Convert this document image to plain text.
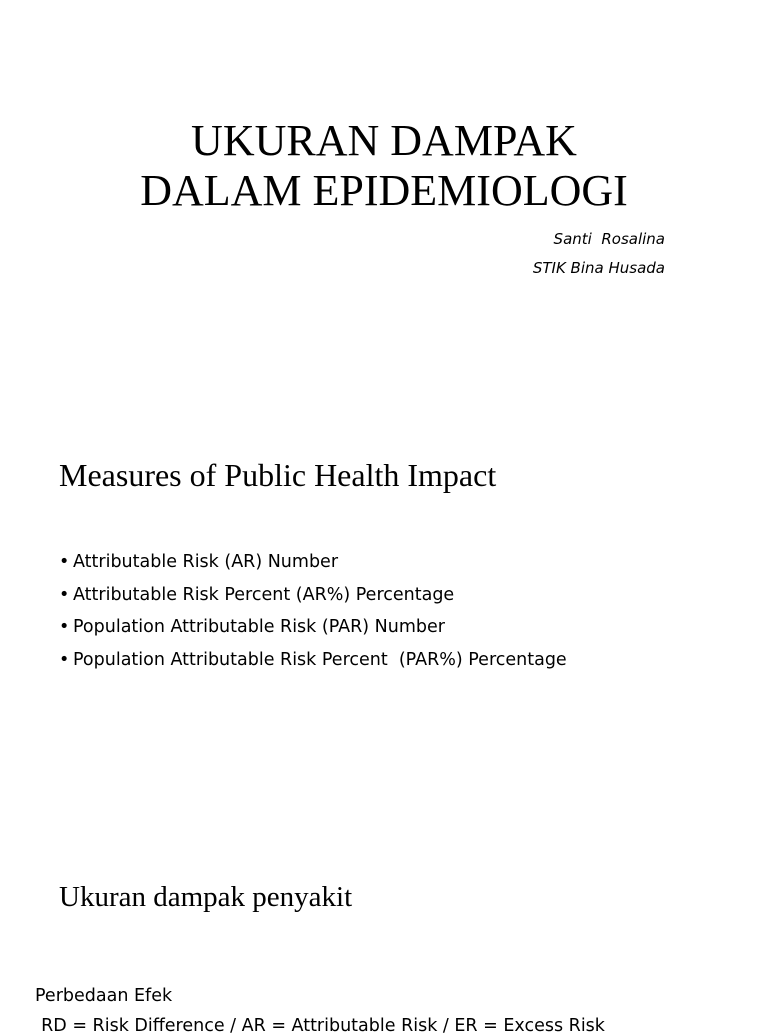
UKURAN DAMPAK
DALAM EPIDEMIOLOGI
Santi  Rosalina
STIK Bina Husada
Measures of Public Health Impact
• Attributable Risk (AR) Number
• Attributable Risk Percent (AR%) Percentage
• Population Attributable Risk (PAR) Number
• Population Attributable Risk Percent  (PAR%) Percentage
Ukuran dampak penyakit

Perbedaan Efek

RD = Risk Difference / AR = Attributable Risk / ER = Excess Risk
